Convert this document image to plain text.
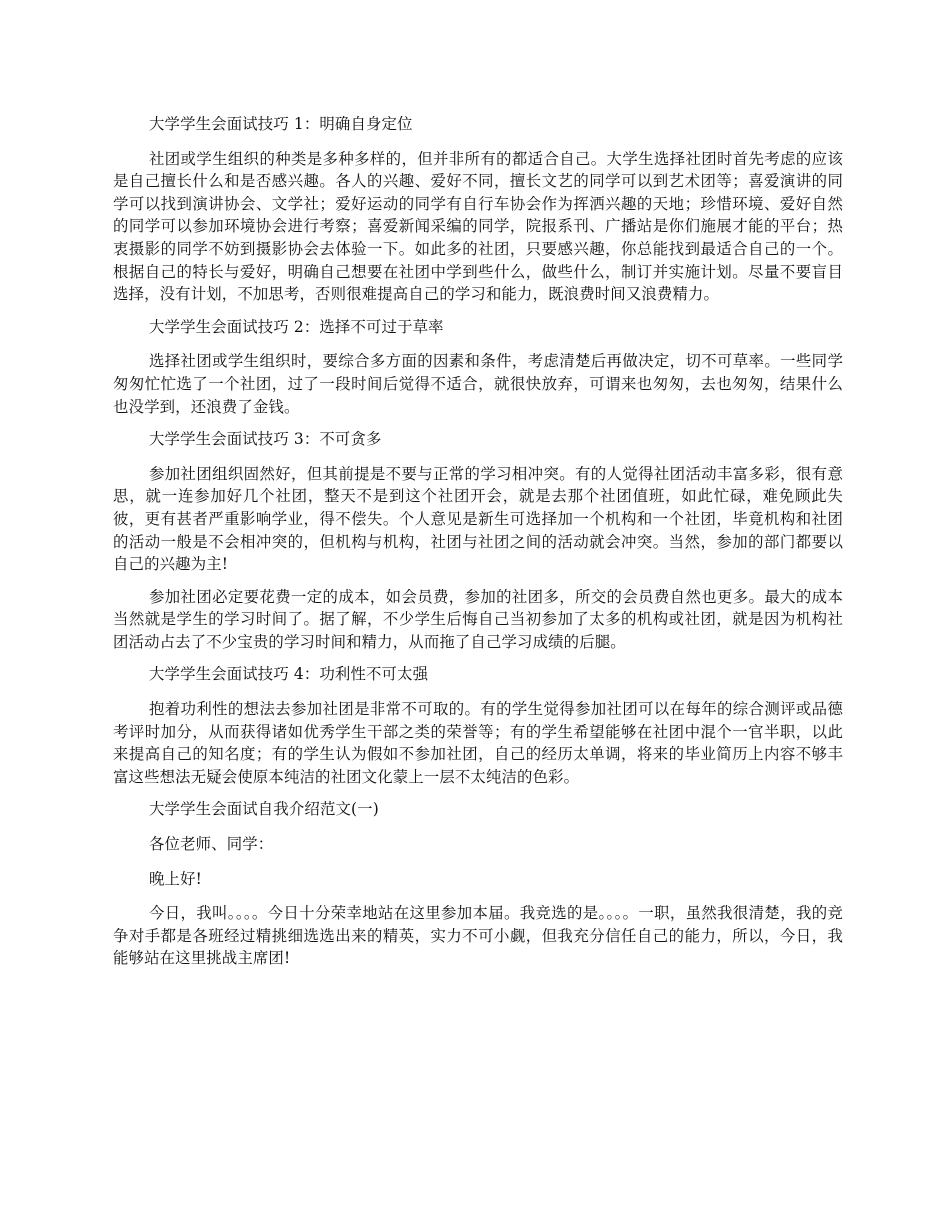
大学学生会面试技巧 1：明确自身定位

社团或学生组织的种类是多种多样的，但并非所有的都适合自己。大学生选择社团时首先考虑的应该是自己擅长什么和是否感兴趣。各人的兴趣、爱好不同，擅长文艺的同学可以到艺术团等；喜爱演讲的同学可以找到演讲协会、文学社；爱好运动的同学有自行车协会作为挥洒兴趣的天地；珍惜环境、爱好自然的同学可以参加环境协会进行考察；喜爱新闻采编的同学，院报系刊、广播站是你们施展才能的平台；热衷摄影的同学不妨到摄影协会去体验一下。如此多的社团，只要感兴趣，你总能找到最适合自己的一个。根据自己的特长与爱好，明确自己想要在社团中学到些什么，做些什么，制订并实施计划。尽量不要盲目选择，没有计划，不加思考，否则很难提高自己的学习和能力，既浪费时间又浪费精力。

大学学生会面试技巧 2：选择不可过于草率

选择社团或学生组织时，要综合多方面的因素和条件，考虑清楚后再做决定，切不可草率。一些同学匆匆忙忙选了一个社团，过了一段时间后觉得不适合，就很快放弃，可谓来也匆匆，去也匆匆，结果什么也没学到，还浪费了金钱。

大学学生会面试技巧 3：不可贪多

参加社团组织固然好，但其前提是不要与正常的学习相冲突。有的人觉得社团活动丰富多彩，很有意思，就一连参加好几个社团，整天不是到这个社团开会，就是去那个社团值班，如此忙碌，难免顾此失彼，更有甚者严重影响学业，得不偿失。个人意见是新生可选择加一个机构和一个社团，毕竟机构和社团的活动一般是不会相冲突的，但机构与机构，社团与社团之间的活动就会冲突。当然，参加的部门都要以自己的兴趣为主!

参加社团必定要花费一定的成本，如会员费，参加的社团多，所交的会员费自然也更多。最大的成本当然就是学生的学习时间了。据了解，不少学生后悔自己当初参加了太多的机构或社团，就是因为机构社团活动占去了不少宝贵的学习时间和精力，从而拖了自己学习成绩的后腿。

大学学生会面试技巧 4：功利性不可太强

抱着功利性的想法去参加社团是非常不可取的。有的学生觉得参加社团可以在每年的综合测评或品德考评时加分，从而获得诸如优秀学生干部之类的荣誉等；有的学生希望能够在社团中混个一官半职，以此来提高自己的知名度；有的学生认为假如不参加社团，自己的经历太单调，将来的毕业简历上内容不够丰富这些想法无疑会使原本纯洁的社团文化蒙上一层不太纯洁的色彩。

大学学生会面试自我介绍范文(一)

各位老师、同学：

晚上好!

今日，我叫。。。。今日十分荣幸地站在这里参加本届。我竞选的是。。。。一职，虽然我很清楚，我的竞争对手都是各班经过精挑细选选出来的精英，实力不可小觑，但我充分信任自己的能力，所以，今日，我能够站在这里挑战主席团!
